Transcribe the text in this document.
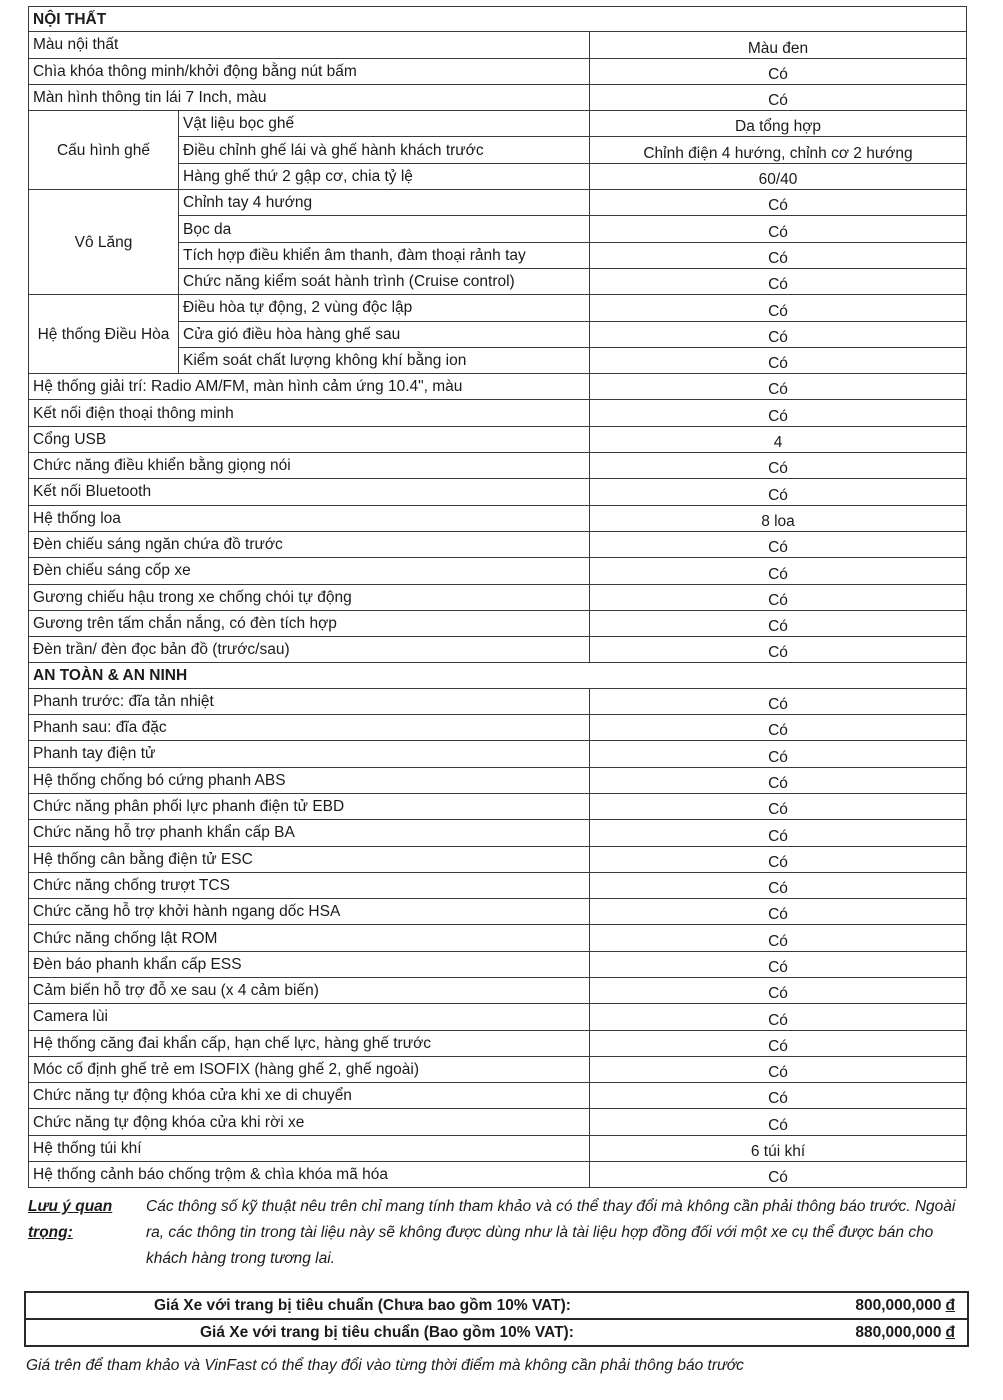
NỘI THẤT		
Màu nội thất		Màu đen
Chìa khóa thông minh/khởi động bằng nút bấm		Có
Màn hình thông tin lái 7 Inch, màu		Có
Cấu hình ghế	Vật liệu bọc ghế	Da tổng hợp
	Điều chỉnh ghế lái và ghế hành khách trước	Chỉnh điện 4 hướng, chỉnh cơ 2 hướng
	Hàng ghế thứ 2 gập cơ, chia tỷ lệ	60/40
Vô Lăng	Chỉnh tay 4 hướng	Có
	Bọc da	Có
	Tích hợp điều khiển âm thanh, đàm thoại rảnh tay	Có
	Chức năng kiểm soát hành trình (Cruise control)	Có
Hệ thống Điều Hòa	Điều hòa tự động, 2 vùng độc lập	Có
	Cửa gió điều hòa hàng ghế sau	Có
	Kiểm soát chất lượng không khí bằng ion	Có
Hệ thống giải trí: Radio AM/FM, màn hình cảm ứng 10.4", màu		Có
Kết nối điện thoại thông minh		Có
Cổng USB		4
Chức năng điều khiển bằng giọng nói		Có
Kết nối Bluetooth		Có
Hệ thống loa		8 loa
Đèn chiếu sáng ngăn chứa đồ trước		Có
Đèn chiếu sáng cốp xe		Có
Gương chiếu hậu trong xe chống chói tự động		Có
Gương trên tấm chắn nắng, có đèn tích hợp		Có
Đèn trần/ đèn đọc bản đồ (trước/sau)		Có
AN TOÀN & AN NINH		
Phanh trước: đĩa tản nhiệt		Có
Phanh sau: đĩa đặc		Có
Phanh tay điện tử		Có
Hệ thống chống bó cứng phanh ABS		Có
Chức năng phân phối lực phanh điện tử EBD		Có
Chức năng hỗ trợ phanh khẩn cấp BA		Có
Hệ thống cân bằng điện tử ESC		Có
Chức năng chống trượt TCS		Có
Chức căng hỗ trợ khởi hành ngang dốc HSA		Có
Chức năng chống lật ROM		Có
Đèn báo phanh khẩn cấp ESS		Có
Cảm biến hỗ trợ đỗ xe sau (x 4 cảm biến)		Có
Camera lùi		Có
Hệ thống căng đai khẩn cấp, hạn chế lực, hàng ghế trước		Có
Móc cố định ghế trẻ em ISOFIX (hàng ghế 2, ghế ngoài)		Có
Chức năng tự động khóa cửa khi xe di chuyển		Có
Chức năng tự động khóa cửa khi rời xe		Có
Hệ thống túi khí		6 túi khí
Hệ thống cảnh báo chống trộm & chìa khóa mã hóa		Có
Lưu ý quan trọng:
Các thông số kỹ thuật nêu trên chỉ mang tính tham khảo và có thể thay đổi mà không cần phải thông báo trước. Ngoài ra, các thông tin trong tài liệu này sẽ không được dùng như là tài liệu hợp đồng đối với một xe cụ thể được bán cho khách hàng trong tương lai.
Giá Xe với trang bị tiêu chuẩn (Chưa bao gồm 10% VAT):	800,000,000 đ
Giá Xe với trang bị tiêu chuẩn (Bao gồm 10% VAT):	880,000,000 đ
Giá trên để tham khảo và VinFast có thể thay đổi vào từng thời điểm mà không cần phải thông báo trước
